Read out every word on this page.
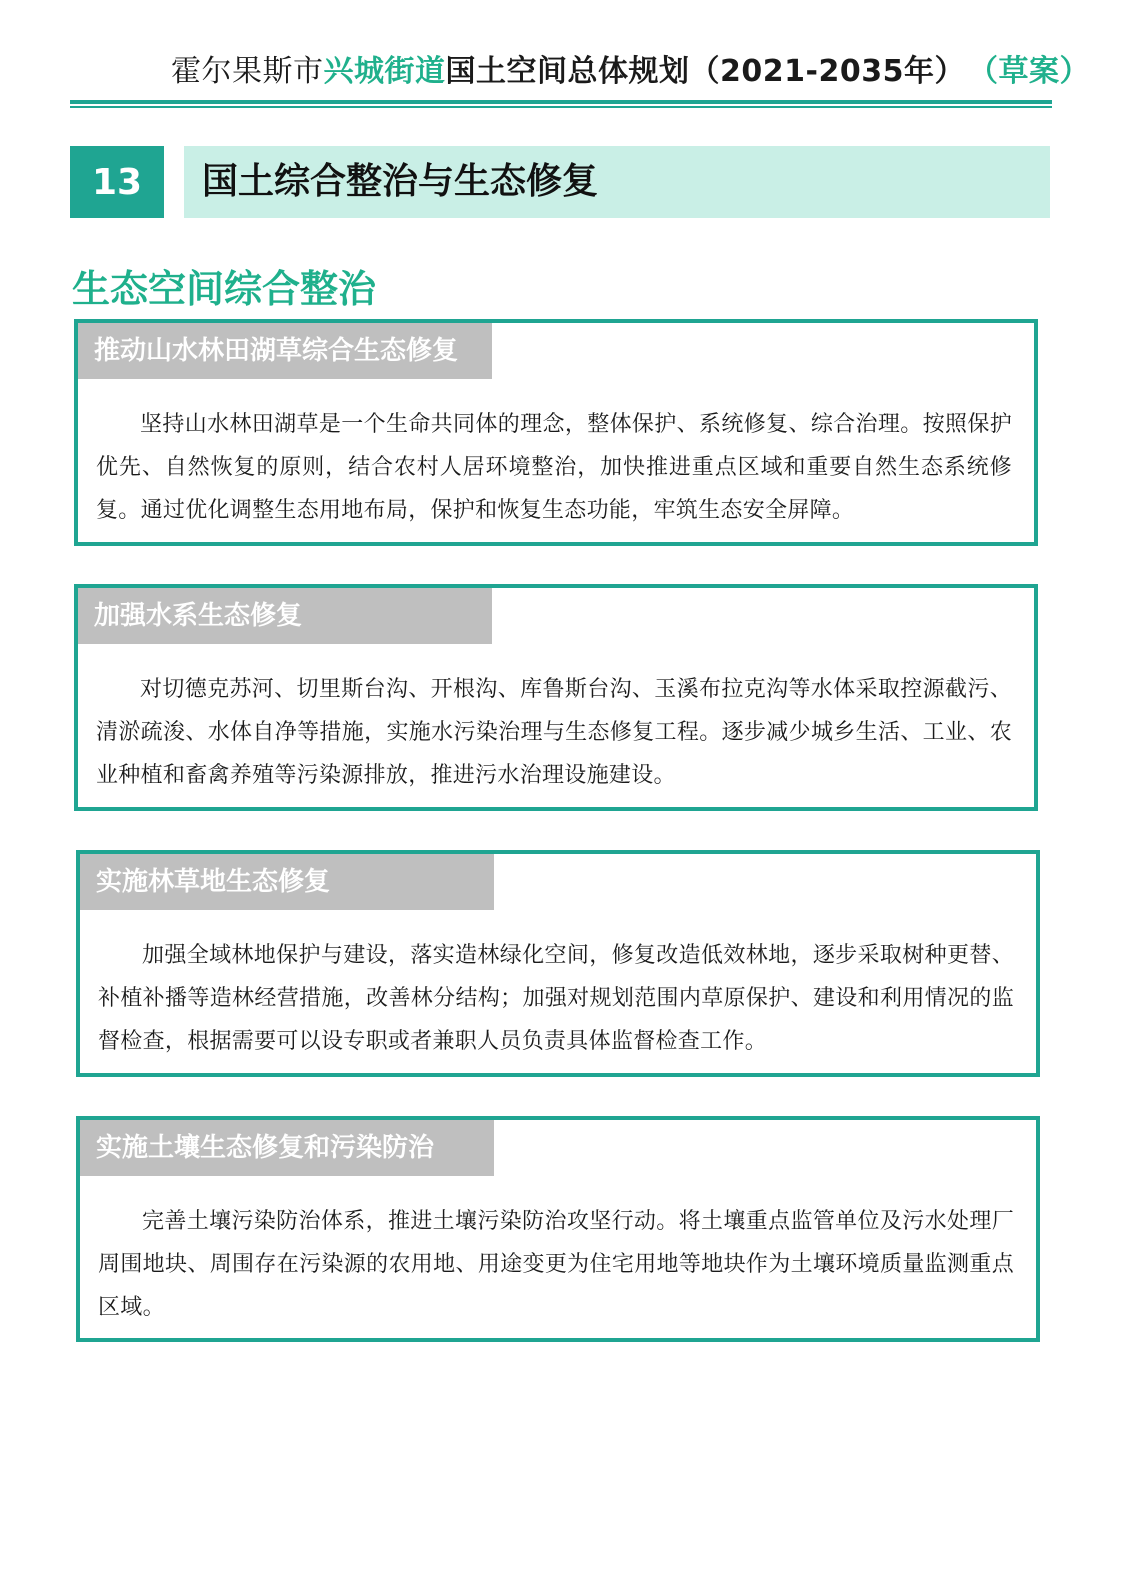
霍尔果斯市兴城街道国土空间总体规划（2021-2035年） （草案）
13	国土综合整治与生态修复
生态空间综合整治
推动山水林田湖草综合生态修复
坚持山水林田湖草是一个生命共同体的理念，整体保护、系统修复、综合治理。按照保护优先、自然恢复的原则，结合农村人居环境整治，加快推进重点区域和重要自然生态系统修复。通过优化调整生态用地布局，保护和恢复生态功能，牢筑生态安全屏障。
加强水系生态修复
对切德克苏河、切里斯台沟、开根沟、库鲁斯台沟、玉溪布拉克沟等水体采取控源截污、清淤疏浚、水体自净等措施，实施水污染治理与生态修复工程。逐步减少城乡生活、工业、农业种植和畜禽养殖等污染源排放，推进污水治理设施建设。
实施林草地生态修复
加强全域林地保护与建设，落实造林绿化空间，修复改造低效林地，逐步采取树种更替、补植补播等造林经营措施，改善林分结构；加强对规划范围内草原保护、建设和利用情况的监督检查，根据需要可以设专职或者兼职人员负责具体监督检查工作。
实施土壤生态修复和污染防治
完善土壤污染防治体系，推进土壤污染防治攻坚行动。将土壤重点监管单位及污水处理厂周围地块、周围存在污染源的农用地、用途变更为住宅用地等地块作为土壤环境质量监测重点区域。
